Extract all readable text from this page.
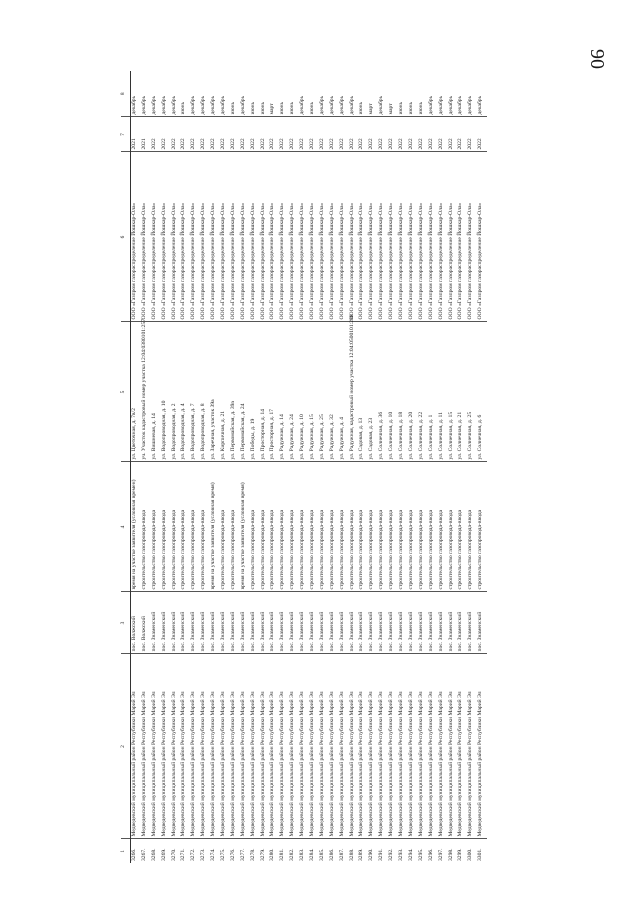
90
1	2	3	4	5	6	7	8
3266.	Медведевский муниципальный район Республики Марий Эл	пос. Волжский	время на участке заявителя (условная времен)	ул. Цветочная, д. 7в/2	ООО «Газпром газораспределение Йошкар-Ола»	2021	декабрь
3267.	Медведевский муниципальный район Республики Марий Эл	пос. Волжский	строительство газопровода-ввода	уч. Участок кадастровый номер участка 12:04:0380101:257	ООО «Газпром газораспределение Йошкар-Ола»	2021	декабрь
3268.	Медведевский муниципальный район Республики Марий Эл	пос. Знаменский	строительство газопровода-ввода	ул. Вишневая, д. 14	ООО «Газпром газораспределение Йошкар-Ола»	2022	декабрь
3269.	Медведевский муниципальный район Республики Марий Эл	пос. Знаменский	строительство газопровода-ввода	ул. Водопроводная, д. 10	ООО «Газпром газораспределение Йошкар-Ола»	2022	декабрь
3270.	Медведевский муниципальный район Республики Марий Эл	пос. Знаменский	строительство газопровода-ввода	ул. Водопроводная, д. 2	ООО «Газпром газораспределение Йошкар-Ола»	2022	декабрь
3271.	Медведевский муниципальный район Республики Марий Эл	пос. Знаменский	строительство газопровода-ввода	ул. Водопроводная, д. 4	ООО «Газпром газораспределение Йошкар-Ола»	2022	июнь
3272.	Медведевский муниципальный район Республики Марий Эл	пос. Знаменский	строительство газопровода-ввода	ул. Водопроводная, д. 7	ООО «Газпром газораспределение Йошкар-Ола»	2022	декабрь
3273.	Медведевский муниципальный район Республики Марий Эл	пос. Знаменский	строительство газопровода-ввода	ул. Водопроводная, д. 8	ООО «Газпром газораспределение Йошкар-Ола»	2022	декабрь
3274.	Медведевский муниципальный район Республики Марий Эл	пос. Знаменский	время на участке заявителя (условная время)	ул. Заречная, участок 39а	ООО «Газпром газораспределение Йошкар-Ола»	2022	декабрь
3275.	Медведевский муниципальный район Республики Марий Эл	пос. Знаменский	строительство газопровода-ввода	ул. Кирпичная, д. 21	ООО «Газпром газораспределение Йошкар-Ола»	2022	декабрь
3276.	Медведевский муниципальный район Республики Марий Эл	пос. Знаменский	строительство газопровода-ввода	ул. Первомайская, д. 39а	ООО «Газпром газораспределение Йошкар-Ола»	2022	июнь
3277.	Медведевский муниципальный район Республики Марий Эл	пос. Знаменский	время на участке заявителя (условная время)	ул. Первомайская, д. 24	ООО «Газпром газораспределение Йошкар-Ола»	2022	декабрь
3278.	Медведевский муниципальный район Республики Марий Эл	пос. Знаменский	строительство газопровода-ввода	ул. Победы, д. 19	ООО «Газпром газораспределение Йошкар-Ола»	2022	июнь
3279.	Медведевский муниципальный район Республики Марий Эл	пос. Знаменский	строительство газопровода-ввода	ул. Просторная, д. 14	ООО «Газпром газораспределение Йошкар-Ола»	2022	июнь
3280.	Медведевский муниципальный район Республики Марий Эл	пос. Знаменский	строительство газопровода-ввода	ул. Просторная, д. 17	ООО «Газпром газораспределение Йошкар-Ола»	2022	март
3281.	Медведевский муниципальный район Республики Марий Эл	пос. Знаменский	строительство газопровода-ввода	ул. Радужная, д. 14	ООО «Газпром газораспределение Йошкар-Ола»	2022	июнь
3282.	Медведевский муниципальный район Республики Марий Эл	пос. Знаменский	строительство газопровода-ввода	ул. Радужная, д. 24	ООО «Газпром газораспределение Йошкар-Ола»	2022	июнь
3283.	Медведевский муниципальный район Республики Марий Эл	пос. Знаменский	строительство газопровода-ввода	ул. Радужная, д. 10	ООО «Газпром газораспределение Йошкар-Ола»	2022	декабрь
3284.	Медведевский муниципальный район Республики Марий Эл	пос. Знаменский	строительство газопровода-ввода	ул. Радужная, д. 15	ООО «Газпром газораспределение Йошкар-Ола»	2022	июнь
3285.	Медведевский муниципальный район Республики Марий Эл	пос. Знаменский	строительство газопровода-ввода	ул. Радужная, д. 25	ООО «Газпром газораспределение Йошкар-Ола»	2022	декабрь
3286.	Медведевский муниципальный район Республики Марий Эл	пос. Знаменский	строительство газопровода-ввода	ул. Радужная, д. 32	ООО «Газпром газораспределение Йошкар-Ола»	2022	декабрь
3287.	Медведевский муниципальный район Республики Марий Эл	пос. Знаменский	строительство газопровода-ввода	ул. Радужная, д. 4	ООО «Газпром газораспределение Йошкар-Ола»	2022	декабрь
3288.	Медведевский муниципальный район Республики Марий Эл	пос. Знаменский	строительство газопровода-ввода	ул. Радужная, кадастровый номер участка 12:04:0500101:288	ООО «Газпром газораспределение Йошкар-Ола»	2022	декабрь
3289.	Медведевский муниципальный район Республики Марий Эл	пос. Знаменский	строительство газопровода-ввода	ул. Садовая, д. 13	ООО «Газпром газораспределение Йошкар-Ола»	2022	июнь
3290.	Медведевский муниципальный район Республики Марий Эл	пос. Знаменский	строительство газопровода-ввода	ул. Садовая, д. 23	ООО «Газпром газораспределение Йошкар-Ола»	2022	март
3291.	Медведевский муниципальный район Республики Марий Эл	пос. Знаменский	строительство газопровода-ввода	ул. Солнечная, д. 36	ООО «Газпром газораспределение Йошкар-Ола»	2022	декабрь
3292.	Медведевский муниципальный район Республики Марий Эл	пос. Знаменский	строительство газопровода-ввода	ул. Солнечная, д. 10	ООО «Газпром газораспределение Йошкар-Ола»	2022	март
3293.	Медведевский муниципальный район Республики Марий Эл	пос. Знаменский	строительство газопровода-ввода	ул. Солнечная, д. 18	ООО «Газпром газораспределение Йошкар-Ола»	2022	июнь
3294.	Медведевский муниципальный район Республики Марий Эл	пос. Знаменский	строительство газопровода-ввода	ул. Солнечная, д. 20	ООО «Газпром газораспределение Йошкар-Ола»	2022	июнь
3295.	Медведевский муниципальный район Республики Марий Эл	пос. Знаменский	строительство газопровода-ввода	ул. Солнечная, д. 22	ООО «Газпром газораспределение Йошкар-Ола»	2022	июнь
3296.	Медведевский муниципальный район Республики Марий Эл	пос. Знаменский	строительство газопровода-ввода	ул. Солнечная, д. 1	ООО «Газпром газораспределение Йошкар-Ола»	2022	декабрь
3297.	Медведевский муниципальный район Республики Марий Эл	пос. Знаменский	строительство газопровода-ввода	ул. Солнечная, д. 11	ООО «Газпром газораспределение Йошкар-Ола»	2022	декабрь
3298.	Медведевский муниципальный район Республики Марий Эл	пос. Знаменский	строительство газопровода-ввода	ул. Солнечная, д. 15	ООО «Газпром газораспределение Йошкар-Ола»	2022	декабрь
3299.	Медведевский муниципальный район Республики Марий Эл	пос. Знаменский	строительство газопровода-ввода	ул. Солнечная, д. 21	ООО «Газпром газораспределение Йошкар-Ола»	2022	декабрь
3300.	Медведевский муниципальный район Республики Марий Эл	пос. Знаменский	строительство газопровода-ввода	ул. Солнечная, д. 25	ООО «Газпром газораспределение Йошкар-Ола»	2022	декабрь
3301.	Медведевский муниципальный район Республики Марий Эл	пос. Знаменский	строительство газопровода-ввода	ул. Солнечная, д. 6	ООО «Газпром газораспределение Йошкар-Ола»	2022	декабрь
